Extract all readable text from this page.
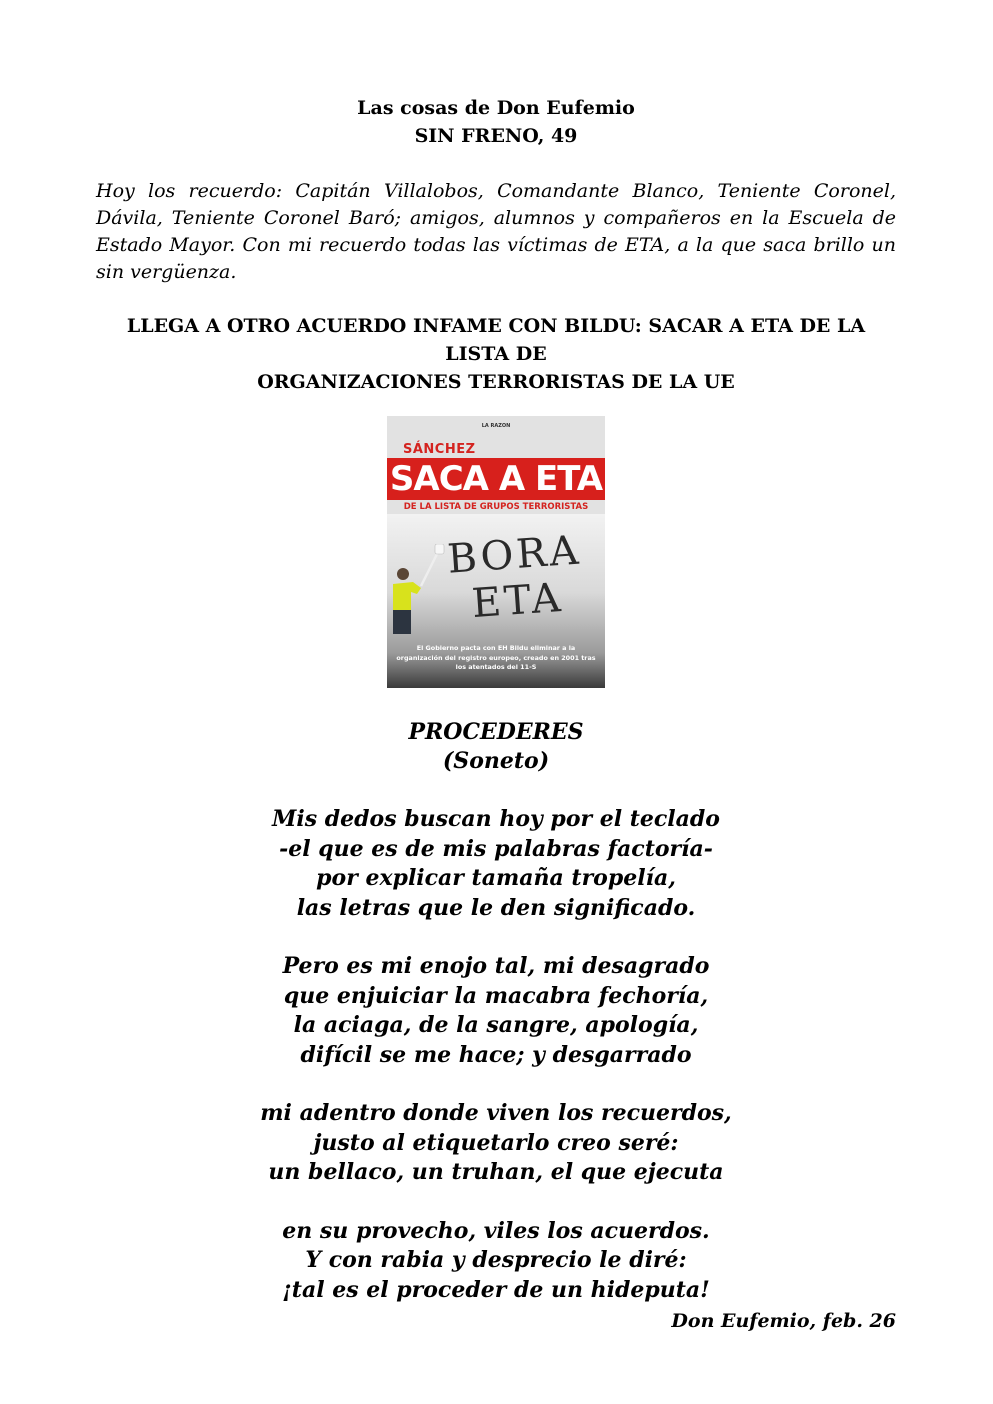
Las cosas de Don Eufemio
SIN FRENO, 49
Hoy los recuerdo: Capitán Villalobos, Comandante Blanco, Teniente Coronel, Dávila, Teniente Coronel Baró; amigos, alumnos y compañeros en la Escuela de Estado Mayor. Con mi recuerdo todas las víctimas de ETA, a la que saca brillo un sin vergüenza.
LLEGA A OTRO ACUERDO INFAME CON BILDU: SACAR A ETA DE LA LISTA DE
ORGANIZACIONES TERRORISTAS DE LA UE
LA RAZON
SÁNCHEZ
SACA A ETA
DE LA LISTA DE GRUPOS TERRORISTAS
BORA
ETA
El Gobierno pacta con EH Bildu eliminar a la organización del registro europeo, creado en 2001 tras los atentados del 11-S
PROCEDERES
(Soneto)
Mis dedos buscan hoy por el teclado
-el que es de mis palabras factoría-
por explicar tamaña tropelía,
las letras que le den significado.
Pero es mi enojo tal, mi desagrado
que enjuiciar la macabra fechoría,
la aciaga, de la sangre, apología,
difícil se me hace; y desgarrado
mi adentro donde viven los recuerdos,
justo al etiquetarlo creo seré:
un bellaco, un truhan, el que ejecuta
en su provecho, viles los acuerdos.
Y con rabia y desprecio le diré:
¡tal es el proceder de un hideputa!
Don Eufemio, feb. 26
